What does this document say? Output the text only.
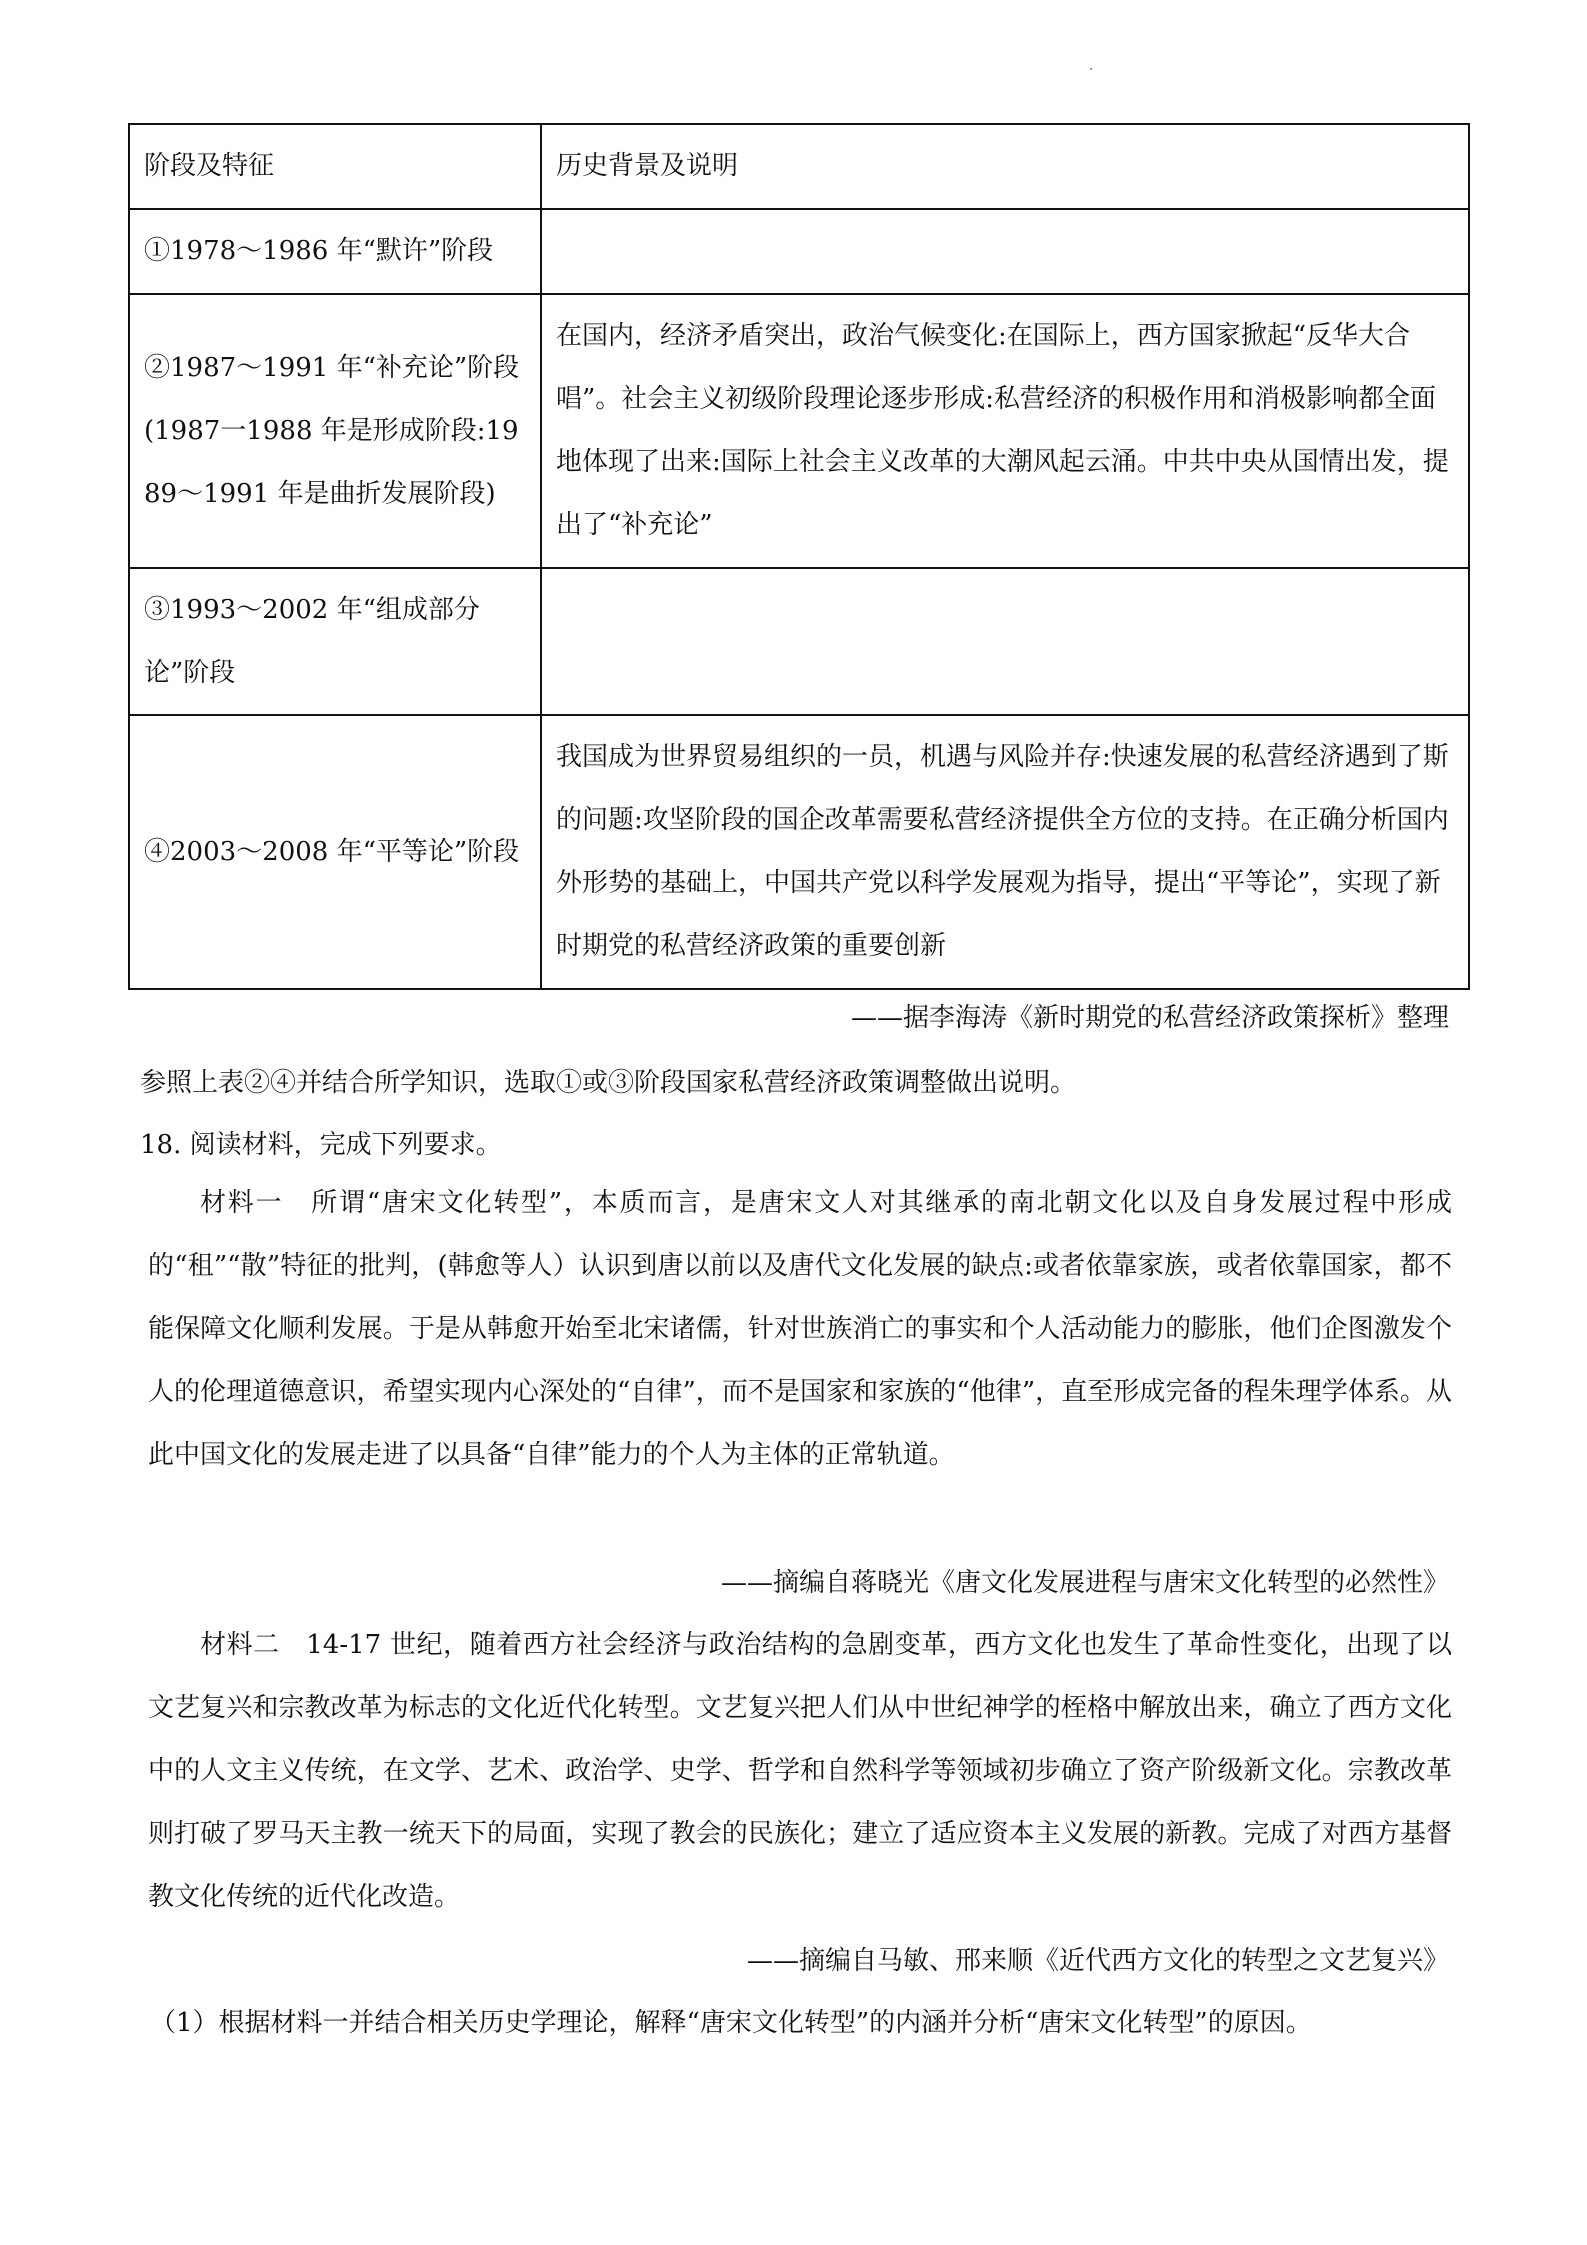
阶段及特征	历史背景及说明
①1978～1986 年“默许”阶段	
②1987～1991 年“补充论”阶段(1987一1988 年是形成阶段:1989～1991 年是曲折发展阶段)	在国内，经济矛盾突出，政治气候变化:在国际上，西方国家掀起“反华大合唱”。社会主义初级阶段理论逐步形成:私营经济的积极作用和消极影响都全面地体现了出来:国际上社会主义改革的大潮风起云涌。中共中央从国情出发，提出了“补充论”
③1993～2002 年“组成部分论”阶段	
④2003～2008 年“平等论”阶段	我国成为世界贸易组织的一员，机遇与风险并存:快速发展的私营经济遇到了斯的问题:攻坚阶段的国企改革需要私营经济提供全方位的支持。在正确分析国内外形势的基础上，中国共产党以科学发展观为指导，提出“平等论”，实现了新时期党的私营经济政策的重要创新
——据李海涛《新时期党的私营经济政策探析》整理
参照上表②④并结合所学知识，选取①或③阶段国家私营经济政策调整做出说明。
18. 阅读材料，完成下列要求。
材料一　所谓“唐宋文化转型”，本质而言，是唐宋文人对其继承的南北朝文化以及自身发展过程中形成的“租”“散”特征的批判，(韩愈等人）认识到唐以前以及唐代文化发展的缺点:或者依靠家族，或者依靠国家，都不能保障文化顺利发展。于是从韩愈开始至北宋诸儒，针对世族消亡的事实和个人活动能力的膨胀，他们企图激发个人的伦理道德意识，希望实现内心深处的“自律”，而不是国家和家族的“他律”，直至形成完备的程朱理学体系。从此中国文化的发展走进了以具备“自律”能力的个人为主体的正常轨道。
——摘编自蒋晓光《唐文化发展进程与唐宋文化转型的必然性》
材料二　14-17 世纪，随着西方社会经济与政治结构的急剧变革，西方文化也发生了革命性变化，出现了以文艺复兴和宗教改革为标志的文化近代化转型。文艺复兴把人们从中世纪神学的桎格中解放出来，确立了西方文化中的人文主义传统，在文学、艺术、政治学、史学、哲学和自然科学等领域初步确立了资产阶级新文化。宗教改革则打破了罗马天主教一统天下的局面，实现了教会的民族化；建立了适应资本主义发展的新教。完成了对西方基督教文化传统的近代化改造。
——摘编自马敏、邢来顺《近代西方文化的转型之文艺复兴》
（1）根据材料一并结合相关历史学理论，解释“唐宋文化转型”的内涵并分析“唐宋文化转型”的原因。
